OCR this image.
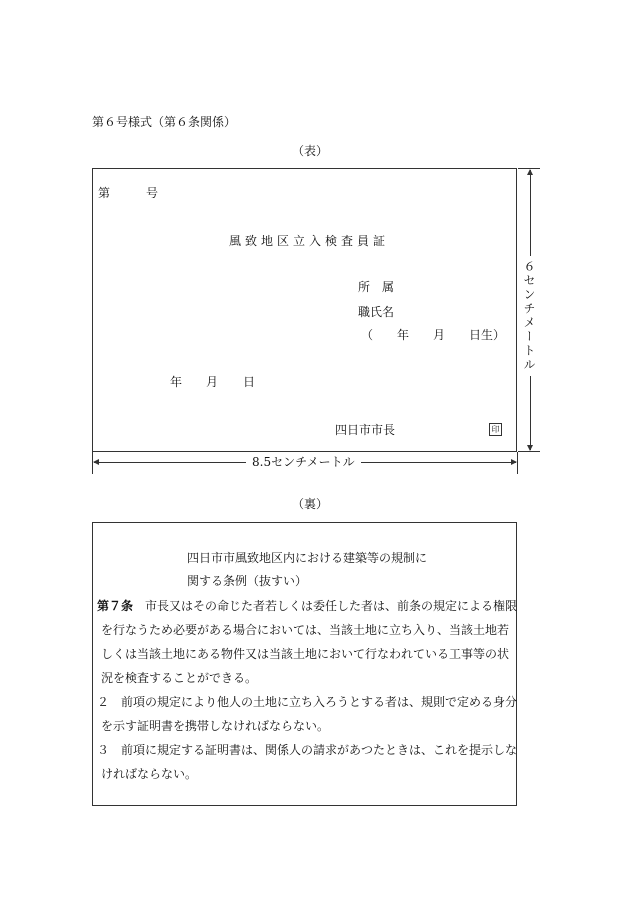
第６号様式（第６条関係）
（表）
第	号
風致地区立入検査員証
所　属
職氏名
（　　年　　月　　日生）
年 月 日
四日市市長	印
６センチメートル
8.5センチメートル
（裏）
四日市市風致地区内における建築等の規制に
関する条例（抜すい）
第７条 市長又はその命じた者若しくは委任した者は、前条の規定による権限
を行なうため必要がある場合においては、当該土地に立ち入り、当該土地若
しくは当該土地にある物件又は当該土地において行なわれている工事等の状
況を検査することができる。
２ 前項の規定により他人の土地に立ち入ろうとする者は、規則で定める身分
を示す証明書を携帯しなければならない。
３ 前項に規定する証明書は、関係人の請求があつたときは、これを提示しな
ければならない。
